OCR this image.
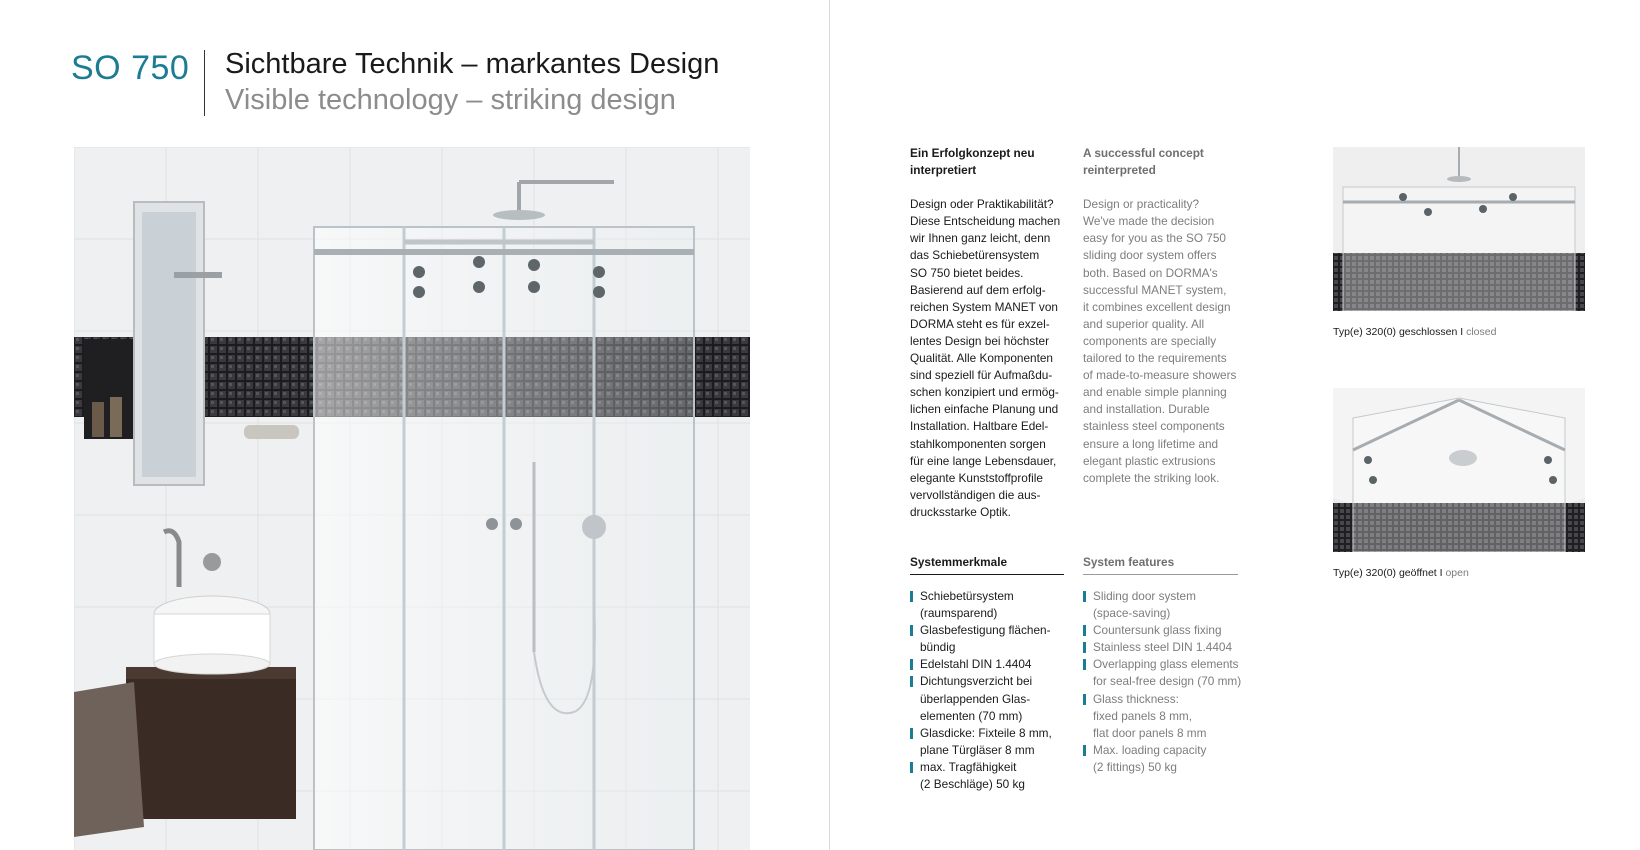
SO 750 Sichtbare Technik – markantes Design
Visible technology – striking design
Ein Erfolgkonzept neu
interpretiert
Design oder Praktikabilität?
Diese Entscheidung machen
wir Ihnen ganz leicht, denn
das Schiebetürensystem
SO 750 bietet beides.
Basierend auf dem erfolg-
reichen System MANET von
DORMA steht es für exzel-
lentes Design bei höchster
Qualität. Alle Komponenten
sind speziell für Aufmaßdu-
schen konzipiert und ermög-
lichen einfache Planung und
Installation. Haltbare Edel-
stahlkomponenten sorgen
für eine lange Lebensdauer,
elegante Kunststoffprofile
vervollständigen die aus-
drucksstarke Optik.
A successful concept
reinterpreted
Design or practicality?
We've made the decision
easy for you as the SO 750
sliding door system offers
both. Based on DORMA's
successful MANET system,
it combines excellent design
and superior quality. All
components are specially
tailored to the requirements
of made-to-measure showers
and enable simple planning
and installation. Durable
stainless steel components
ensure a long lifetime and
elegant plastic extrusions
complete the striking look.
Systemmerkmale	System features
Schiebetürsystem
(raumsparend)
Glasbefestigung flächen-
bündig
Edelstahl DIN 1.4404
Dichtungsverzicht bei
überlappenden Glas-
elementen (70 mm)
Glasdicke: Fixteile 8 mm,
plane Türgläser 8 mm
max. Tragfähigkeit
(2 Beschläge) 50 kg
Sliding door system
(space-saving)
Countersunk glass fixing
Stainless steel DIN 1.4404
Overlapping glass elements
for seal-free design (70 mm)
Glass thickness:
fixed panels 8 mm,
flat door panels 8 mm
Max. loading capacity
(2 fittings) 50 kg
Typ(e) 320(0) geschlossen I closed
Typ(e) 320(0) geöffnet I open
